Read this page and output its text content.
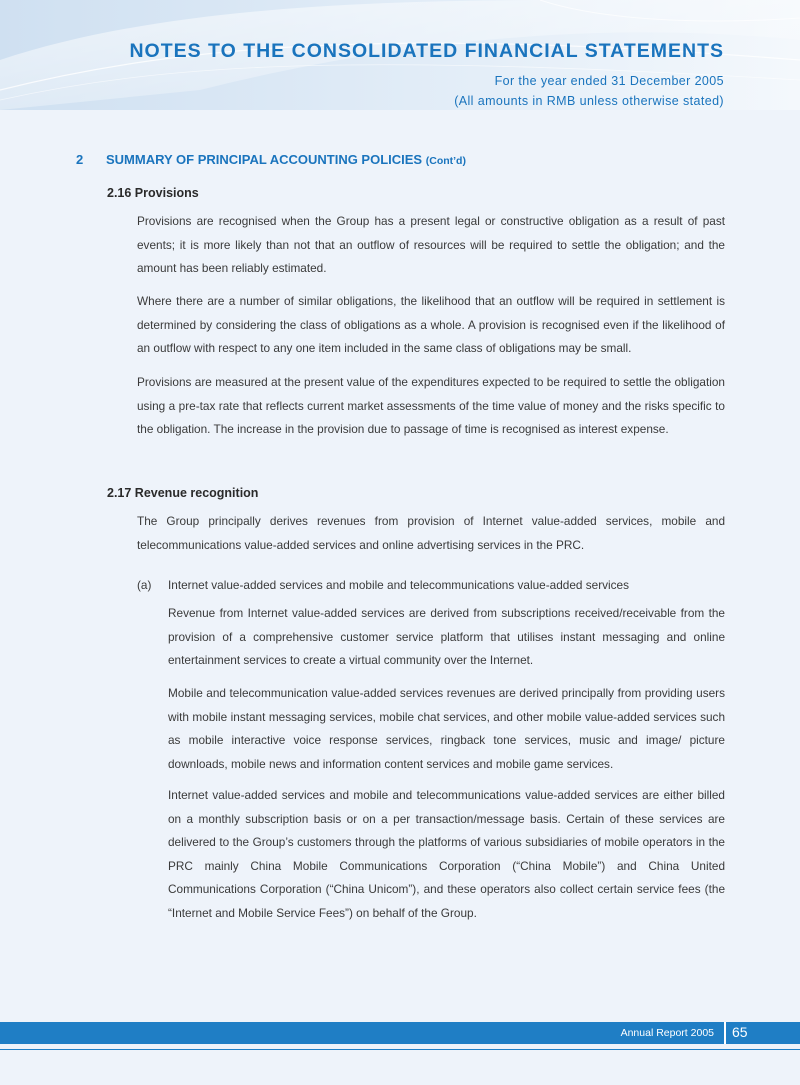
NOTES TO THE CONSOLIDATED FINANCIAL STATEMENTS
For the year ended 31 December 2005
(All amounts in RMB unless otherwise stated)
2 SUMMARY OF PRINCIPAL ACCOUNTING POLICIES (Cont’d)
2.16 Provisions

Provisions are recognised when the Group has a present legal or constructive obligation as a result of past events; it is more likely than not that an outflow of resources will be required to settle the obligation; and the amount has been reliably estimated.

Where there are a number of similar obligations, the likelihood that an outflow will be required in settlement is determined by considering the class of obligations as a whole. A provision is recognised even if the likelihood of an outflow with respect to any one item included in the same class of obligations may be small.

Provisions are measured at the present value of the expenditures expected to be required to settle the obligation using a pre-tax rate that reflects current market assessments of the time value of money and the risks specific to the obligation. The increase in the provision due to passage of time is recognised as interest expense.

2.17 Revenue recognition

The Group principally derives revenues from provision of Internet value-added services, mobile and telecommunications value-added services and online advertising services in the PRC.

(a) Internet value-added services and mobile and telecommunications value-added services

Revenue from Internet value-added services are derived from subscriptions received/receivable from the provision of a comprehensive customer service platform that utilises instant messaging and online entertainment services to create a virtual community over the Internet.

Mobile and telecommunication value-added services revenues are derived principally from providing users with mobile instant messaging services, mobile chat services, and other mobile value-added services such as mobile interactive voice response services, ringback tone services, music and image/ picture downloads, mobile news and information content services and mobile game services.

Internet value-added services and mobile and telecommunications value-added services are either billed on a monthly subscription basis or on a per transaction/message basis. Certain of these services are delivered to the Group’s customers through the platforms of various subsidiaries of mobile operators in the PRC mainly China Mobile Communications Corporation (“China Mobile”) and China United Communications Corporation (“China Unicom”), and these operators also collect certain service fees (the “Internet and Mobile Service Fees”) on behalf of the Group.

Annual Report 2005 65
